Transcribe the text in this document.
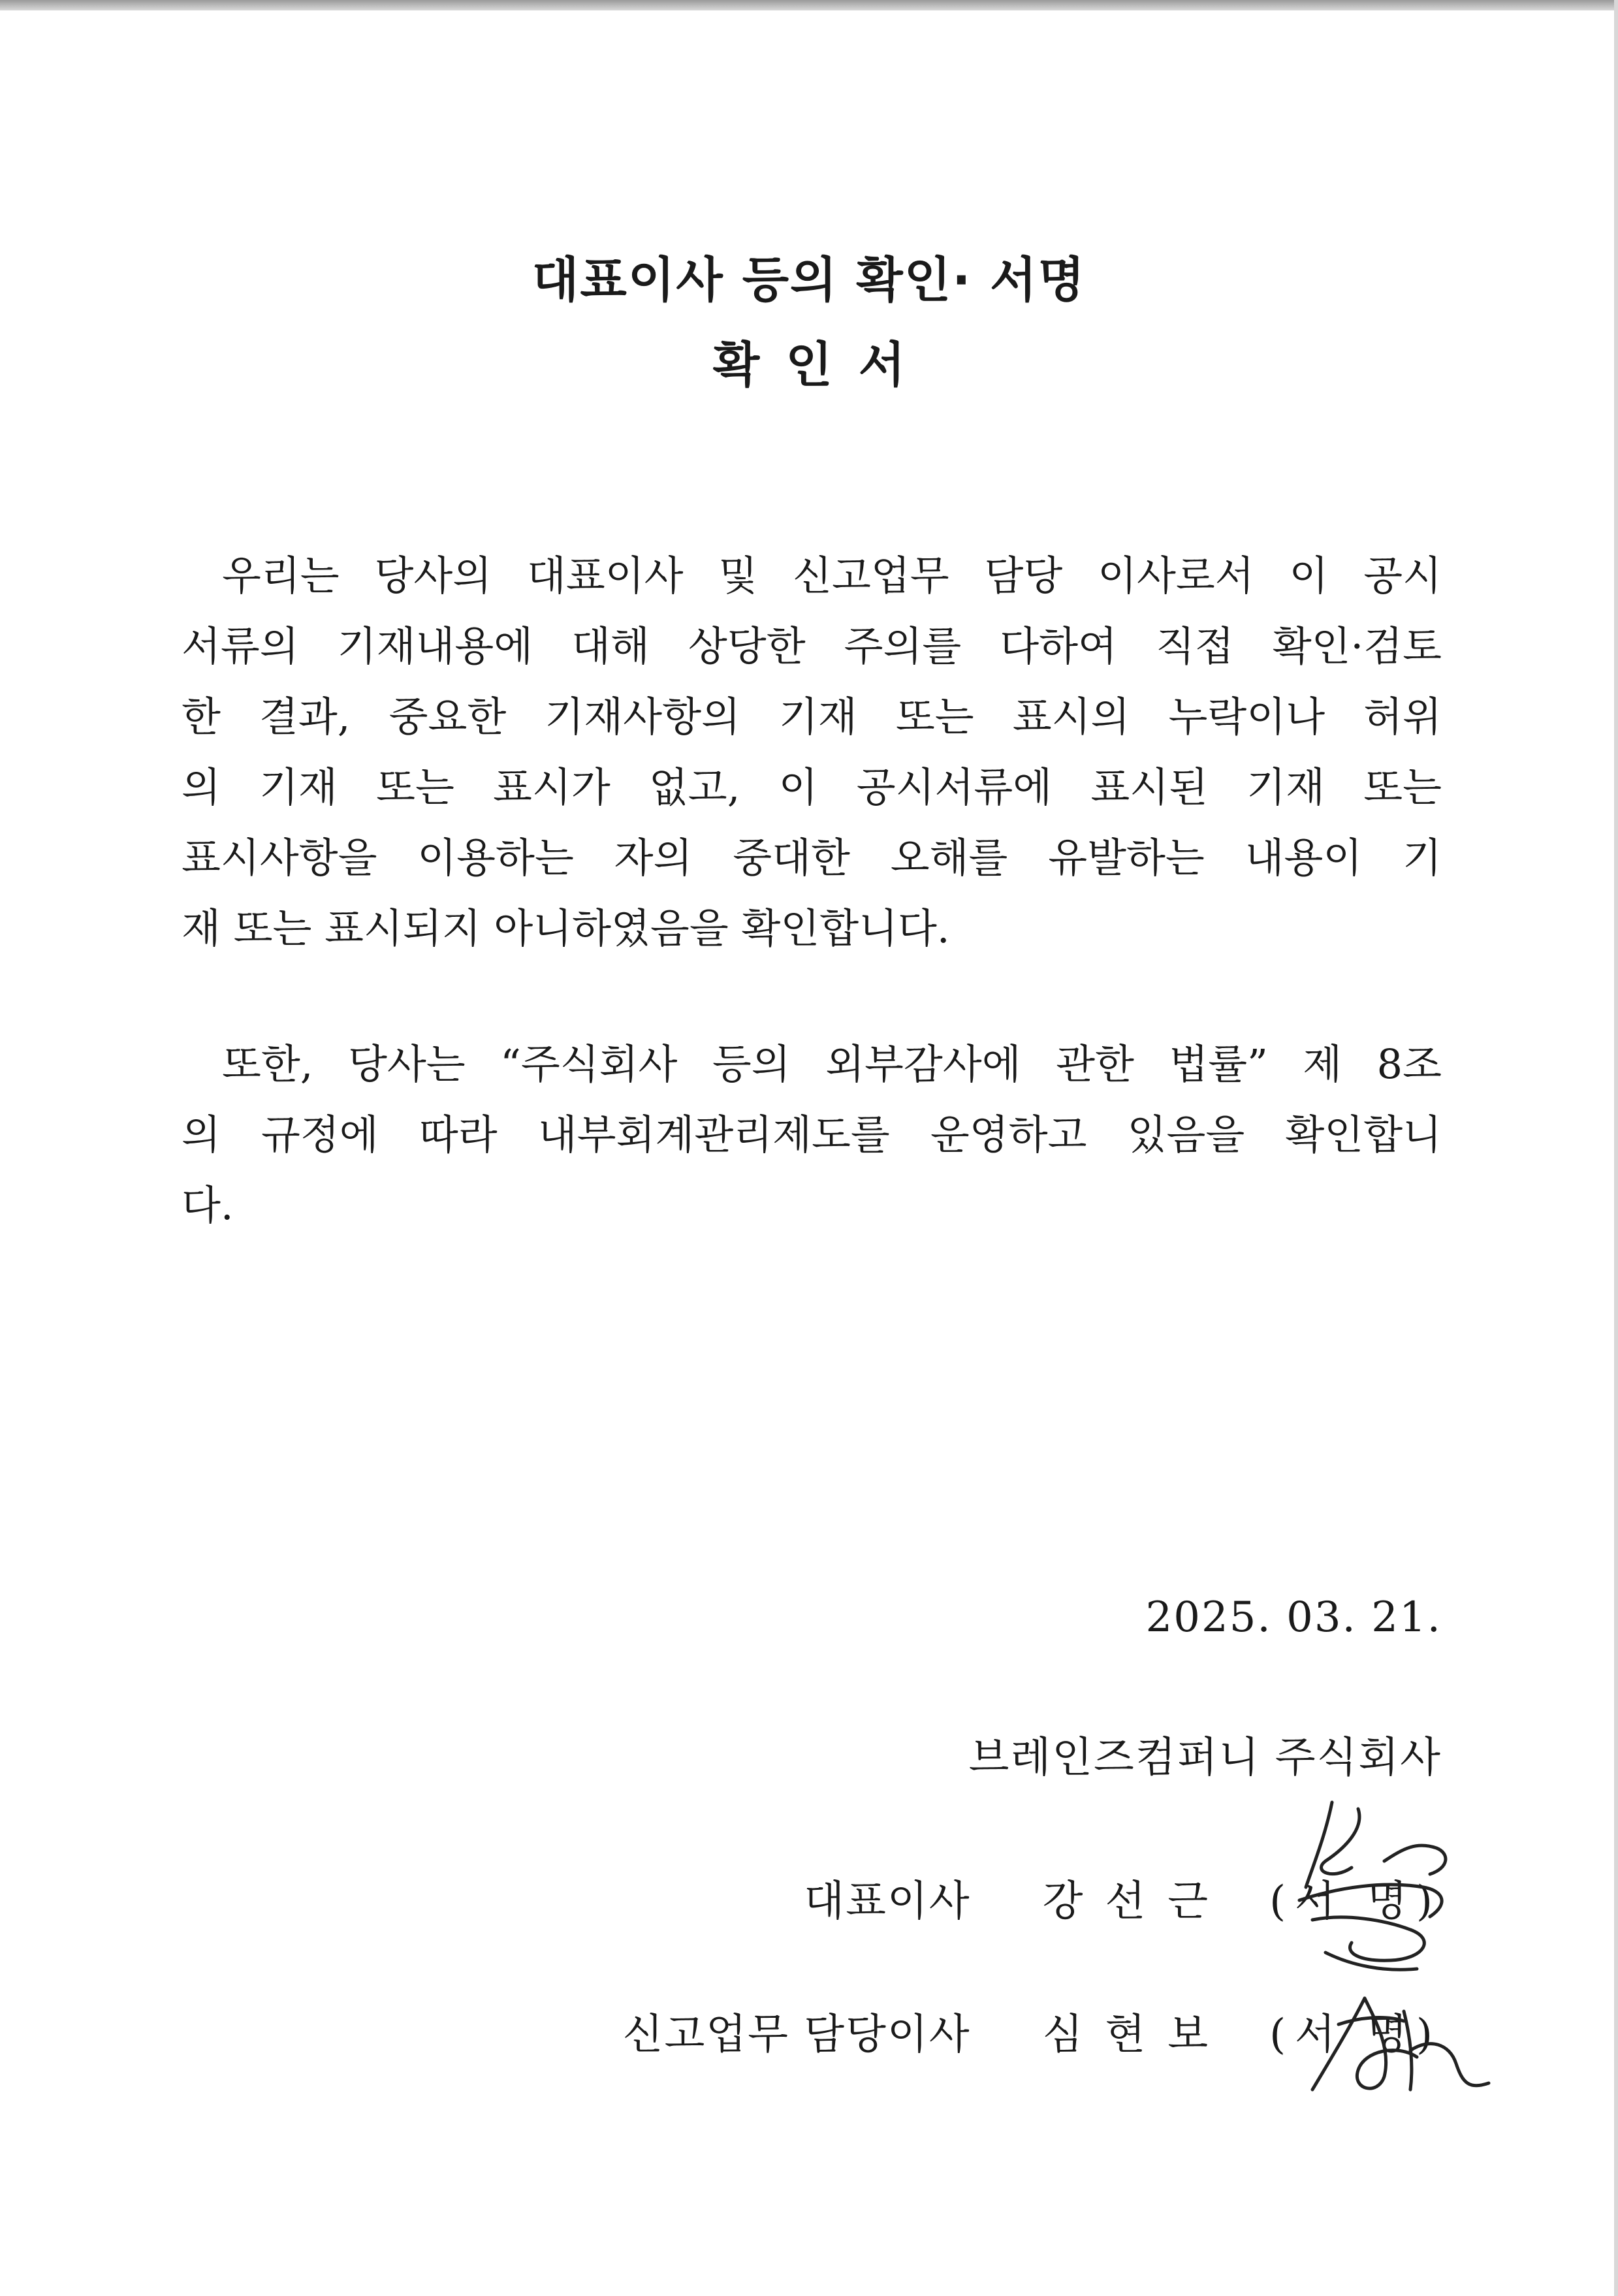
대표이사 등의 확인· 서명
확인서

우리는 당사의 대표이사 및 신고업무 담당 이사로서 이 공시
서류의 기재내용에 대해 상당한 주의를 다하여 직접 확인·검토
한 결과, 중요한 기재사항의 기재 또는 표시의 누락이나 허위
의 기재 또는 표시가 없고, 이 공시서류에 표시된 기재 또는
표시사항을 이용하는 자의 중대한 오해를 유발하는 내용이 기
재 또는 표시되지 아니하였음을 확인합니다.

또한, 당사는 “주식회사 등의 외부감사에 관한 법률” 제 8조
의 규정에 따라 내부회계관리제도를 운영하고 있음을 확인합니
다.

2025. 03. 21.
브레인즈컴퍼니 주식회사
대표이사 강선근 (서 명)
신고업무 담당이사 심현보 (서 명)
